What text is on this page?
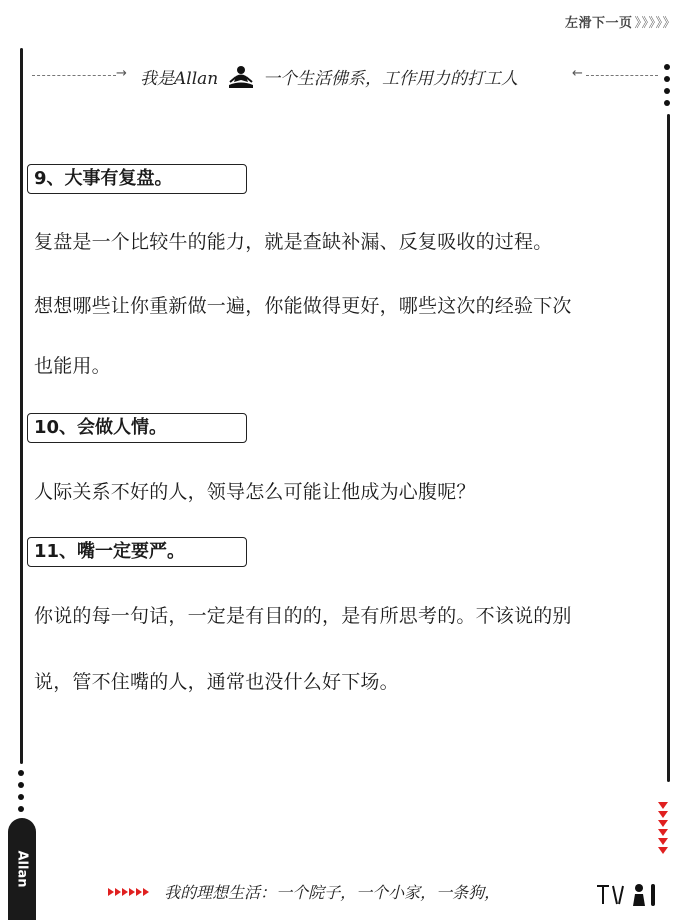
左滑下一页 》》》》》
→ 我是Allan	一个生活佛系，工作用力的打工人	←
9、大事有复盘。
复盘是一个比较牛的能力，就是查缺补漏、反复吸收的过程。
想想哪些让你重新做一遍，你能做得更好，哪些这次的经验下次
也能用。
10、会做人情。
人际关系不好的人，领导怎么可能让他成为心腹呢？
11、嘴一定要严。
你说的每一句话，一定是有目的的，是有所思考的。不该说的别
说，管不住嘴的人，通常也没什么好下场。
Allan
我的理想生活：一个院子，一个小家，一条狗，
